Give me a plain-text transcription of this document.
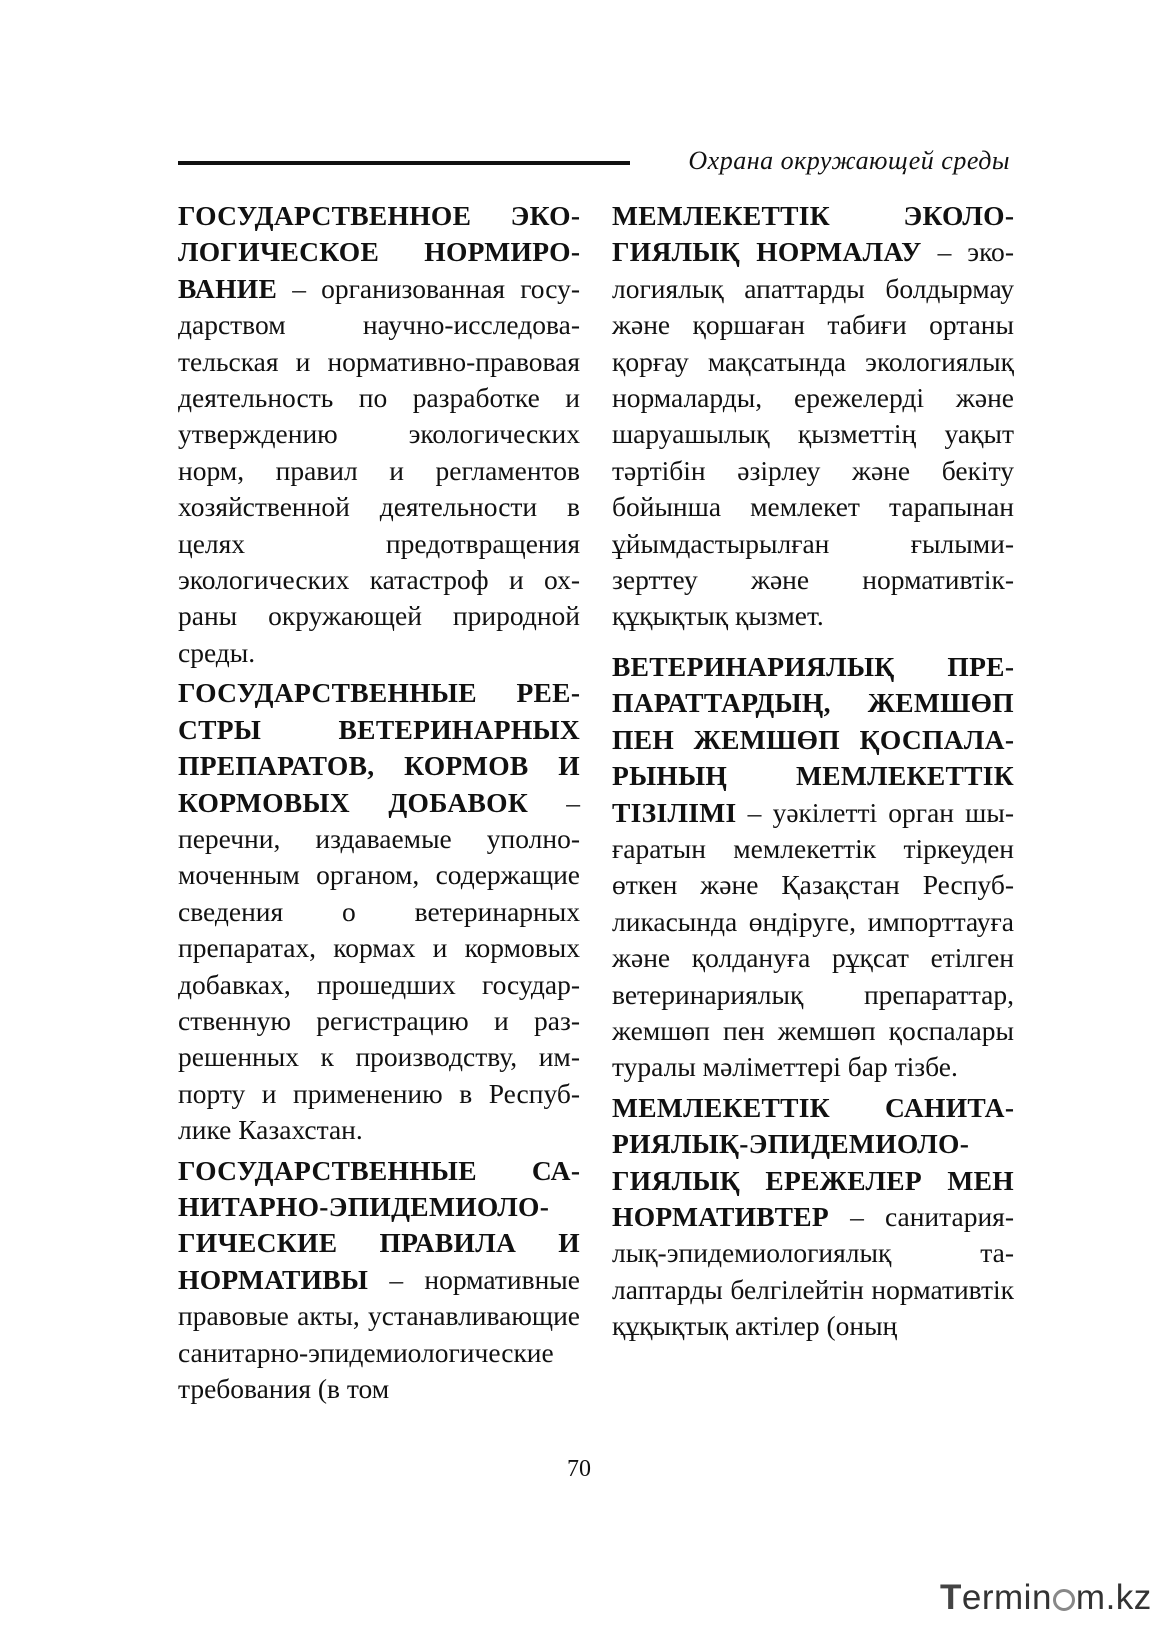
Охрана окружающей среды

ГОСУДАРСТВЕННОЕ ЭКОЛОГИЧЕСКОЕ НОРМИРОВАНИЕ – организованная государством научно-исследовательская и нормативно-правовая деятельность по разработке и утверждению экологических норм, правил и регламентов хозяйственной деятельности в целях предотвращения экологических катастроф и охраны окружающей природной среды.

ГОСУДАРСТВЕННЫЕ РЕЕСТРЫ ВЕТЕРИНАРНЫХ ПРЕПАРАТОВ, КОРМОВ И КОРМОВЫХ ДОБАВОК – перечни, издаваемые уполномоченным органом, содержащие сведения о ветеринарных препаратах, кормах и кормовых добавках, прошедших государственную регистрацию и разрешенных к производству, импорту и применению в Республике Казахстан.

ГОСУДАРСТВЕННЫЕ САНИТАРНО-ЭПИДЕМИОЛОГИЧЕСКИЕ ПРАВИЛА И НОРМАТИВЫ – нормативные правовые акты, устанавливающие санитарно-эпидемиологические требования (в том

МЕМЛЕКЕТТІК ЭКОЛОГИЯЛЫҚ НОРМАЛАУ – экологиялық апаттарды болдырмау және қоршаған табиғи ортаны қорғау мақсатында экологиялық нормаларды, ережелерді және шаруашылық қызметтің уақыт тәртібін әзірлеу және бекіту бойынша мемлекет тарапынан ұйымдастырылған ғылыми-зерттеу және нормативтік-құқықтық қызмет.

ВЕТЕРИНАРИЯЛЫҚ ПРЕПАРАТТАРДЫҢ, ЖЕМШӨП ПЕН ЖЕМШӨП ҚОСПАЛАРЫНЫҢ МЕМЛЕКЕТТІК ТІЗІЛІМІ – уәкілетті орган шығаратын мемлекеттік тіркеуден өткен және Қазақстан Республикасында өндіруге, импорттауға және қолдануға рұқсат етілген ветеринариялық препараттар, жемшөп пен жемшөп қоспалары туралы мәліметтері бар тізбе.

МЕМЛЕКЕТТІК САНИТАРИЯЛЫҚ-ЭПИДЕМИОЛОГИЯЛЫҚ ЕРЕЖЕЛЕР МЕН НОРМАТИВТЕР – санитариялық-эпидемиологиялық талаптарды белгілейтін нормативтік құқықтық актілер (оның

70
Termin m.kz
